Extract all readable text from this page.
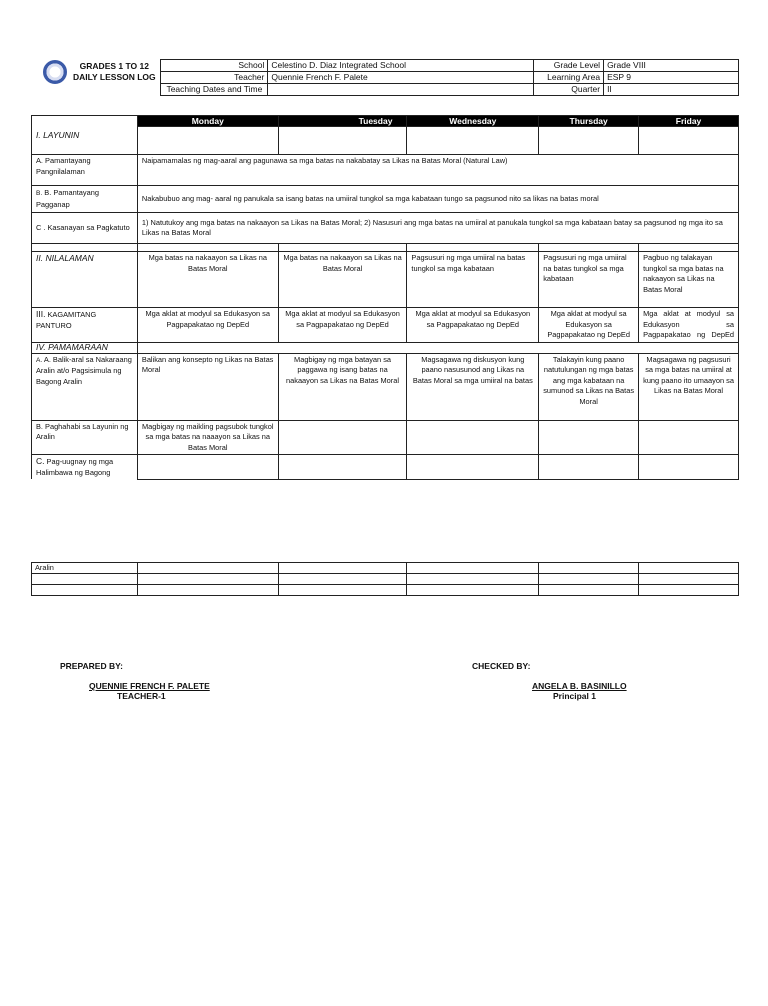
GRADES 1 TO 12
DAILY LESSON LOG	School	Celestino D. Diaz Integrated School	Grade Level	Grade VIII
	Teacher	Quennie French F. Palete	Learning Area	ESP 9
	Teaching Dates and Time		Quarter	II
I. LAYUNIN	Monday	Tuesday	Wednesday	Thursday	Friday

A. Pamantayang Pangnilalaman	Naipamamalas ng mag-aaral ang pagunawa sa mga batas na nakabatay sa Likas na Batas Moral (Natural Law)				
B. B. Pamantayang Pagganap	Nakabubuo ang mag- aaral ng panukala sa isang batas na umiiral tungkol sa mga kabataan tungo sa pagsunod nito sa likas na batas moral				
C . Kasanayan sa Pagkatuto	1) Natutukoy ang mga batas na nakaayon sa Likas na Batas Moral; 2) Nasusuri ang mga batas na umiiral at panukala tungkol sa mga kabataan batay sa pagsunod ng mga ito sa Likas na Batas Moral				

II. NILALAMAN	Mga batas na nakaayon sa Likas na Batas Moral	Mga batas na nakaayon sa Likas na Batas Moral	Pagsusuri ng mga umiiral na batas tungkol sa mga kabataan	Pagsusuri ng mga umiiral na batas tungkol sa mga kabataan	Pagbuo ng talakayan tungkol sa mga batas na nakaayon sa Likas na Batas Moral
III. KAGAMITANG PANTURO	Mga aklat at modyul sa Edukasyon sa Pagpapakatao ng DepEd	Mga aklat at modyul sa Edukasyon sa Pagpapakatao ng DepEd	Mga aklat at modyul sa Edukasyon sa Pagpapakatao ng DepEd	Mga aklat at modyul sa Edukasyon sa Pagpapakatao ng DepEd	Mga aklat at modyul sa Edukasyon sa Pagpapakatao ng DepEd
IV. PAMAMARAAN					
A. A. Balik-aral sa Nakaraang Aralin at/o Pagsisimula ng Bagong Aralin	Balikan ang konsepto ng Likas na Batas Moral	Magbigay ng mga batayan sa paggawa ng isang batas na nakaayon sa Likas na Batas Moral	Magsagawa ng diskusyon kung paano nasusunod ang Likas na Batas Moral sa mga umiiral na batas	Talakayin kung paano natutulungan ng mga batas ang mga kabataan na sumunod sa Likas na Batas Moral	Magsagawa ng pagsusuri sa mga batas na umiiral at kung paano ito umaayon sa Likas na Batas Moral
B. Paghahabi sa Layunin ng Aralin	Magbigay ng maikling pagsubok tungkol sa mga batas na naaayon sa Likas na Batas Moral				
C. Pag-uugnay ng mga Halimbawa ng Bagong					
Aralin					

PREPARED BY:
QUENNIE FRENCH F. PALETE
TEACHER-1
CHECKED BY:
ANGELA B. BASINILLO
Principal 1
